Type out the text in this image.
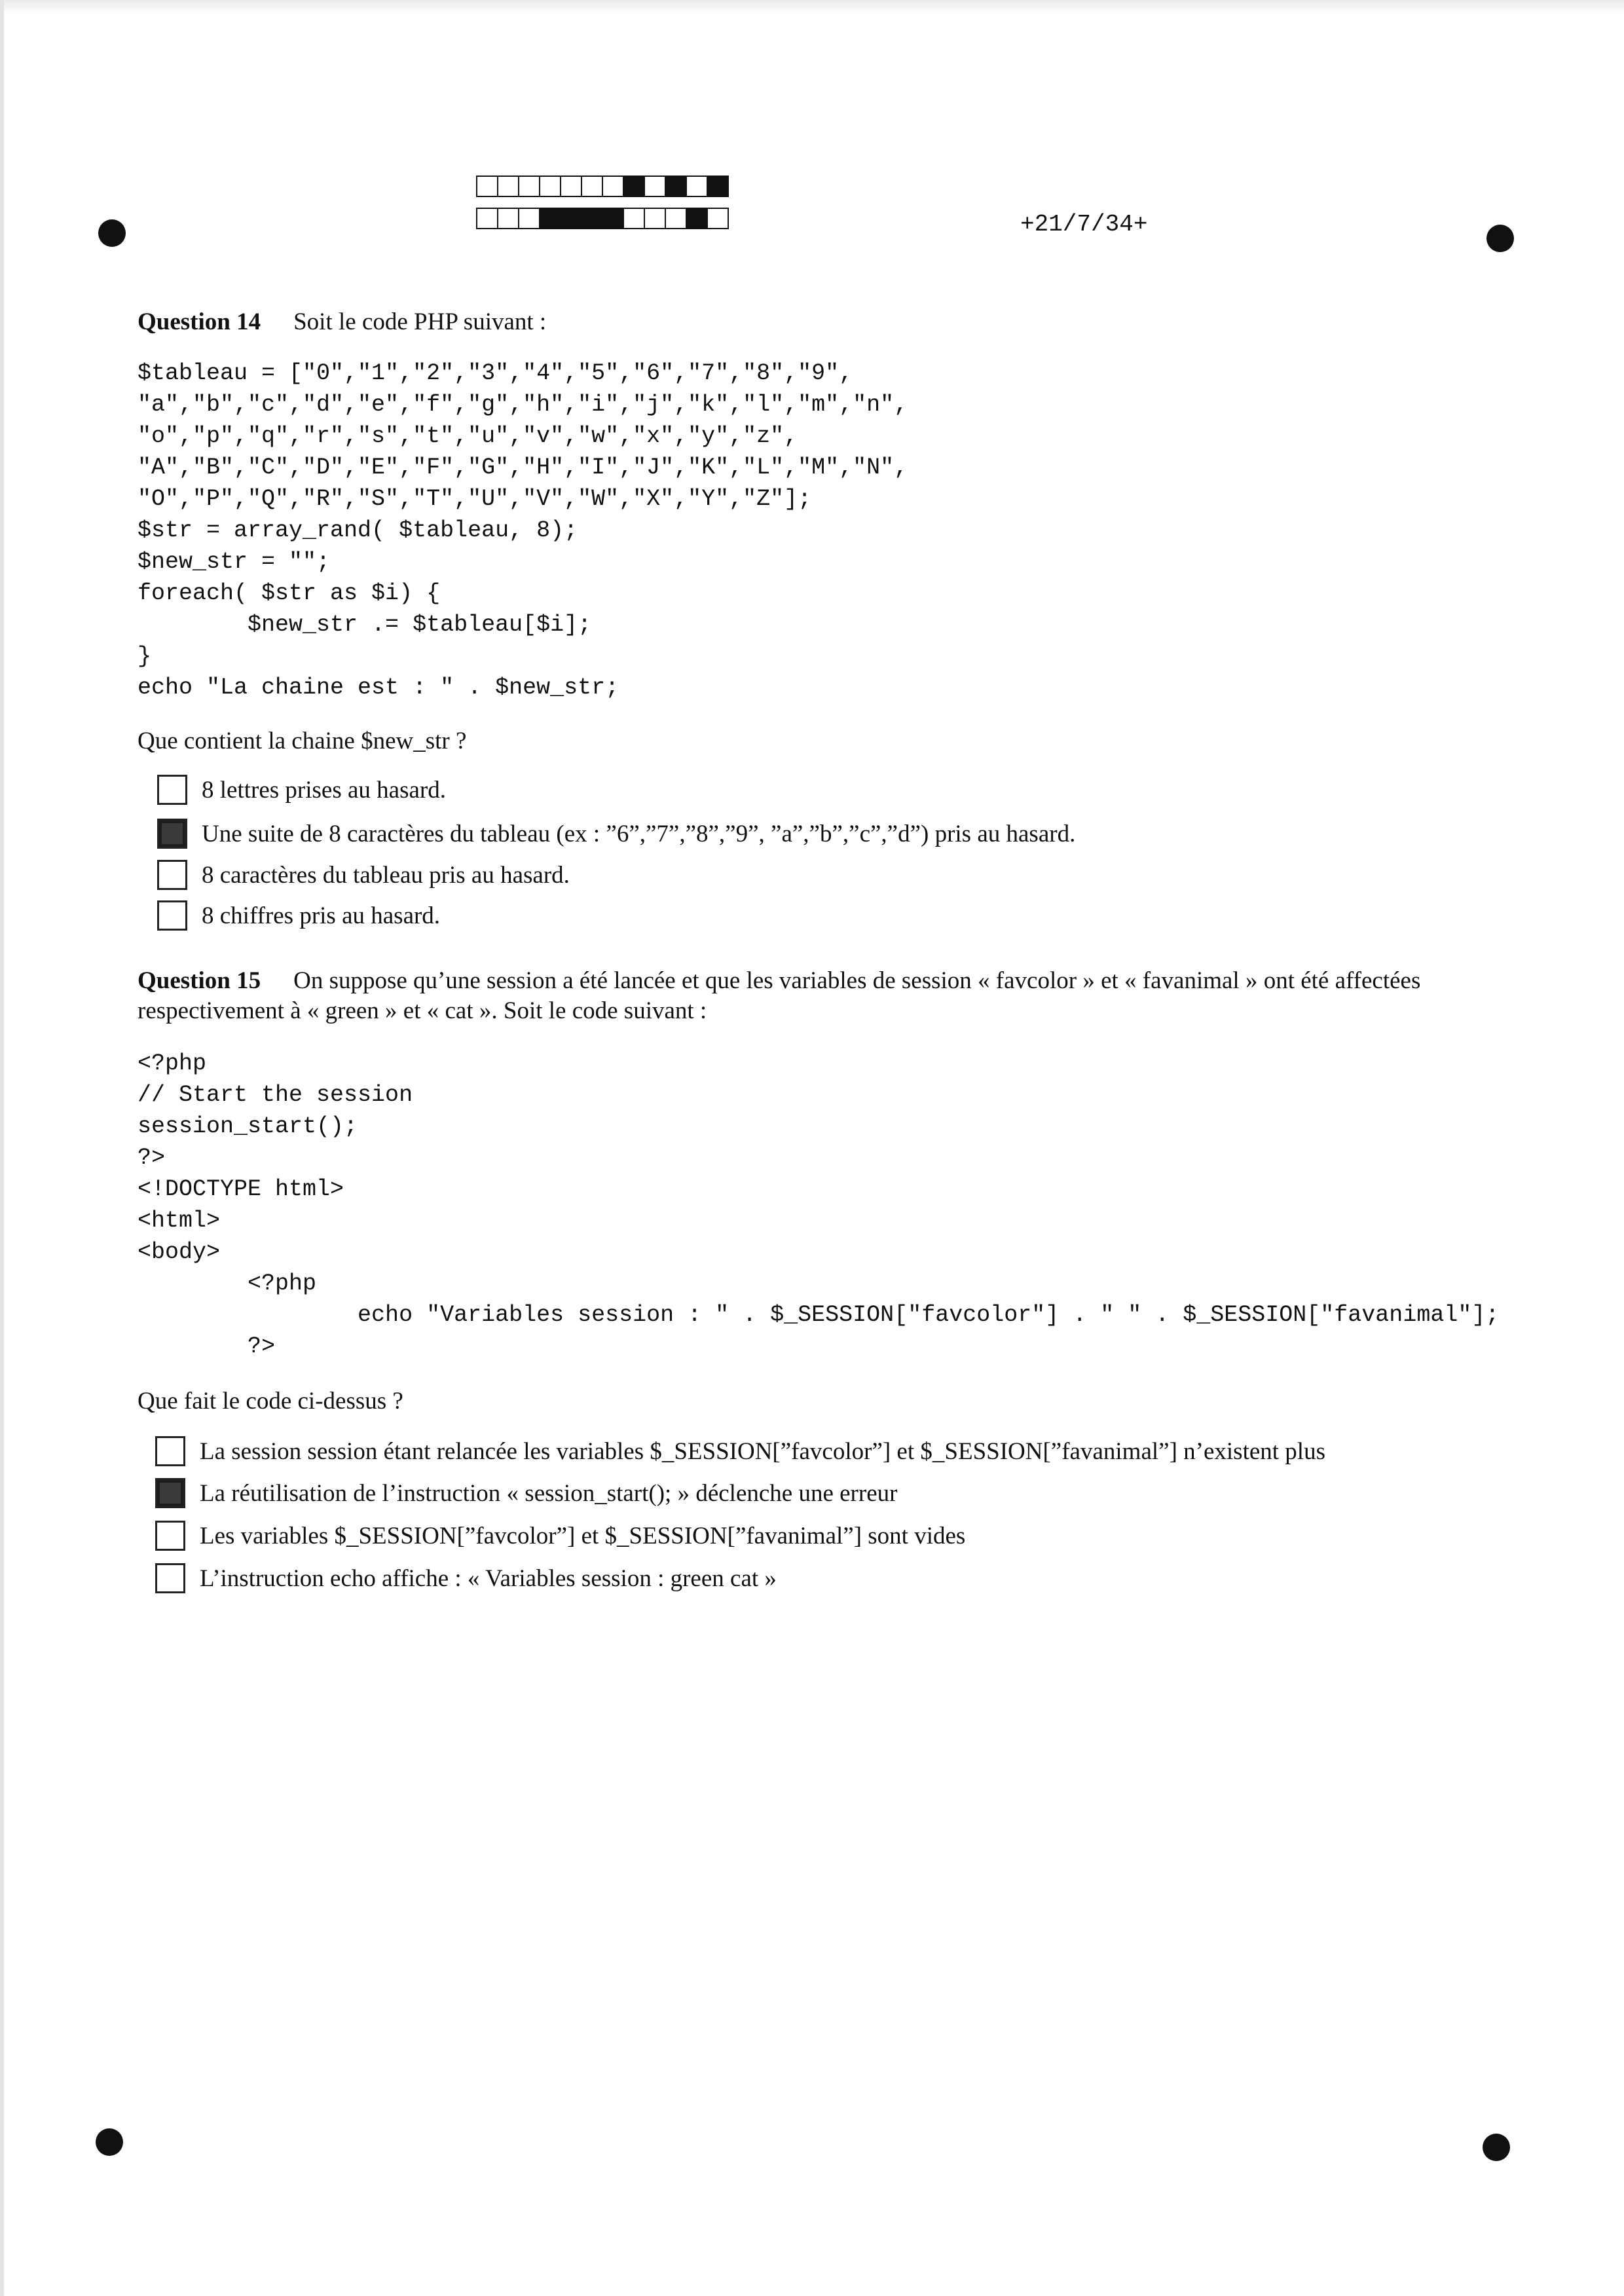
+21/7/34+
Question 14 Soit le code PHP suivant :
$tableau = ["0","1","2","3","4","5","6","7","8","9",
"a","b","c","d","e","f","g","h","i","j","k","l","m","n",
"o","p","q","r","s","t","u","v","w","x","y","z",
"A","B","C","D","E","F","G","H","I","J","K","L","M","N",
"O","P","Q","R","S","T","U","V","W","X","Y","Z"];
$str = array_rand( $tableau, 8);
$new_str = "";
foreach( $str as $i) {
$new_str .= $tableau[$i];
}
echo "La chaine est : " . $new_str;
Que contient la chaine $new_str ?
8 lettres prises au hasard.
Une suite de 8 caractères du tableau (ex : ”6”,”7”,”8”,”9”, ”a”,”b”,”c”,”d”) pris au hasard.
8 caractères du tableau pris au hasard.
8 chiffres pris au hasard.
Question 15 On suppose qu’une session a été lancée et que les variables de session « favcolor » et « favanimal » ont été affectées respectivement à « green » et « cat ». Soit le code suivant :
<?php
// Start the session
session_start();
?>
<!DOCTYPE html>
<html>
<body>
<?php
echo "Variables session : " . $_SESSION["favcolor"] . " " . $_SESSION["favanimal"];
?>
Que fait le code ci-dessus ?
La session session étant relancée les variables $_SESSION[”favcolor”] et $_SESSION[”favanimal”] n’existent plus
La réutilisation de l’instruction « session_start(); » déclenche une erreur
Les variables $_SESSION[”favcolor”] et $_SESSION[”favanimal”] sont vides
L’instruction echo affiche : « Variables session : green cat »
